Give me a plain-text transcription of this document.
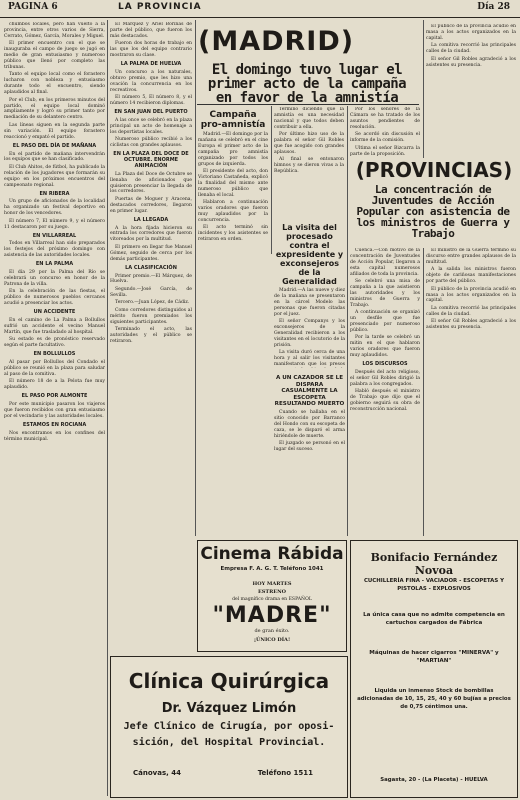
PAGINA 6	LA PROVINCIA	Día 28

chumbos locales, pero han vuelto a la provincia, entre otros varios de Sierra, Cerrato, Gómez, García, Morales y Miguel.

El primer encuentro con el que se inauguraba el campo de juego se jugó en medio de gran entusiasmo y numeroso público que llenó por completo las tribunas.

Tanto el equipo local como el forastero lucharon con nobleza y entusiasmo durante todo el encuentro, siendo aplaudidos al final.

Por el Club, en los primeros minutos del partido, el equipo local dominó ampliamente y logró su primer tanto por mediación de su delantero centro.

Las líneas siguen en la segunda parte sin variación. El equipo forastero reaccionó y empató el partido.

EL PASO DEL DÍA DE MAÑANA

En el partido de mañana intervendrán los equipos que se han clasificado.

El Club Ahitos, de fútbol, ha publicado la relación de los jugadores que formarán su equipo en los próximos encuentros del campeonato regional.

EN RIBERA

Un grupo de aficionados de la localidad ha organizado un festival deportivo en honor de los vencedores.

El número 7, El número 9, y el número 11 destacaron por su juego.

EN VILLARREAL

Todos en Villarreal han sido preparados los festejos del próximo domingo con asistencia de las autoridades locales.

EN LA PALMA

El día 29 por la Palma del Río se celebrará un concurso en honor de la Patrona de la villa.

En la celebración de las fiestas, el público de numerosos pueblos cercanos acudió a presenciar los actos.

UN ACCIDENTE

En el camino de La Palma a Bollullos sufrió un accidente el vecino Manuel Martín, que fue trasladado al hospital.

Su estado es de pronóstico reservado según el parte facultativo.

EN BOLLULLOS

Al pasar por Bollullos del Condado el público se reunió en la plaza para saludar al paso de la comitiva.

El número 18 de a la Pelota fue muy aplaudido.

EL PASO POR ALMONTE

Por este municipio pasaron los viajeros que fueron recibidos con gran entusiasmo por el vecindario y las autoridades locales.

ESTAMOS EN ROCIANA

Nos encontramos en los confines del término municipal.

El Márquez y Ariel Borinas de parte del público, que fueron los más destacados.

Fueron dos horas de trabajo en las que los del equipo contrario mostraron su clase.

LA PALMA DE HUELVA

Un concurso a los naturales, obtuvo premio, que les hizo una ovación la concurrencia en los recreativos.

El número 5, El número 8, y el número 14 recibieron diplomas.

EN SAN JUAN DEL PUERTO

A las once se celebró en la plaza principal un acto de homenaje a los deportistas locales.

Numeroso público recibió a los ciclistas con grandes aplausos.

EN LA PLAZA DEL DOCE DE OCTUBRE. ENORME ANIMACIÓN

La Plaza del Doce de Octubre se llenaba de aficionados que quisieron presenciar la llegada de los corredores.

Puertas de Moguer y Aracena, destacados corredores, llegaron en primer lugar.

LA LLEGADA

A la hora fijada hicieron su entrada los corredores que fueron vitoreados por la multitud.

El primero en llegar fue Manuel Gómez, seguido de cerca por los demás participantes.

LA CLASIFICACIÓN

Primer premio.—El Márquez, de Huelva.

Segundo.—José García, de Sevilla.

Tercero.—Juan López, de Cádiz.

Como corredores distinguidos al mérito fueron premiados los siguientes participantes.

Terminado el acto, las autoridades y el público se retiraron.

(MADRID)
El domingo tuvo lugar el primer acto de la campaña en favor de la amnistía
Campaña pro-amnistía

Madrid.—El domingo por la mañana se celebró en el cine Europa el primer acto de la campaña pro amnistía organizado por todos los grupos de izquierda.

El presidente del acto, don Victoriano Castañeda, explicó la finalidad del mismo ante numeroso público que llenaba el local.

Hablaron a continuación varios oradores que fueron muy aplaudidos por la concurrencia.

El acto terminó sin incidentes y los asistentes se retiraron en orden.

Terminó diciendo que la amnistía es una necesidad nacional y que todos deben contribuir a ella.

Por último hizo uso de la palabra el señor Gil Robles que fue acogido con grandes aplausos.

Al final se entonaron himnos y se dieron vivas a la República.

La visita del procesado contra el expresidente y exconsejeros de la Generalidad

Madrid.—A las nueve y diez de la mañana se presentaron en la cárcel Modelo las personas que fueron citadas por el juez.

El señor Companys y los exconsejeros de la Generalidad recibieron a los visitantes en el locutorio de la prisión.

La visita duró cerca de una hora y al salir los visitantes manifestaron que los presos

A UN CAZADOR SE LE DISPARA CASUALMENTE LA ESCOPETA RESULTANDO MUERTO

Cuando se hallaba en el sitio conocido por Barranco del Hondo con su escopeta de caza, se le disparó el arma hiriéndole de muerte.

El juzgado se personó en el lugar del suceso.

Por los señores de la Cámara se ha tratado de los asuntos pendientes de resolución.

Se acordó sin discusión el informe de la comisión.

Ultima el señor Bizcarra la parte de la proposición.

(PROVINCIAS)
La concentración de Juventudes de Acción Popular con asistencia de los ministros de Guerra y Trabajo

Cuenca.—Con motivo de la concentración de Juventudes de Acción Popular, llegaron a esta capital numerosos afiliados de toda la provincia.

Se celebró una misa de campaña a la que asistieron las autoridades y los ministros de Guerra y Trabajo.

A continuación se organizó un desfile que fue presenciado por numeroso público.

Por la tarde se celebró un mitin en el que hablaron varios oradores que fueron muy aplaudidos.

LOS DISCURSOS

Después del acto religioso, el señor Gil Robles dirigió la palabra a los congregados.

Habló después el ministro de Trabajo que dijo que el gobierno seguirá su obra de reconstrucción nacional.

El ministro de la Guerra terminó su discurso entre grandes aplausos de la multitud.

A la salida los ministros fueron objeto de cariñosas manifestaciones por parte del público.

El público de la provincia acudió en masa a los actos organizados en la capital.

La comitiva recorrió las principales calles de la ciudad.

El señor Gil Robles agradeció a los asistentes su presencia.

El público de la provincia acudió en masa a los actos organizados en la capital.

La comitiva recorrió las principales calles de la ciudad.

El señor Gil Robles agradeció a los asistentes su presencia.

Cinema Rábida
Empresa F. A. G. T. Teléfono 1041
HOY MARTES
ESTRENO
del magnífico drama en ESPAÑOL
"MADRE"
de gran éxito.
¡ÚNICO DÍA!
Clínica Quirúrgica
Dr. Vázquez Limón
Jefe Clínico de Cirugía, por oposi-
sición, del Hospital Provincial.
Cánovas, 44	Teléfono 1511
Bonifacio Fernández Novoa
CUCHILLERÍA FINA - VACIADOR - ESCOPETAS Y PISTOLAS - EXPLOSIVOS
La única casa que no admite competencia en cartuchos cargados de Fábrica
Máquinas de hacer cigarros "MINERVA" y "MARTIAN"
Liquida un inmenso Stock de bombillas adicionadas de 10, 15, 25, 40 y 60 bujías a precios de 0,75 céntimos una.
Sagasta, 20 - (La Placeta) - HUELVA
